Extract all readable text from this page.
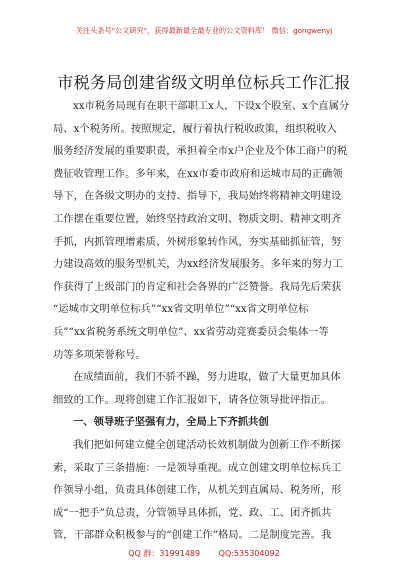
关注头条号"公文研究"，获得最新最全最专业的公文资料库！ 微信：gongwenyj
市税务局创建省级文明单位标兵工作汇报
xx市税务局现有在职干部职工x人，下设x个股室、x个直属分
局、x个税务所。按照规定，履行着执行税收政策，组织税收入
服务经济发展的重要职责，承担着全市x户企业及个体工商户的税
费征收管理工作。多年来，在xx市委市政府和运城市局的正确领
导下，在各级文明办的支持、指导下，我局始终将精神文明建设
工作摆在重要位置，始终坚持政治文明、物质文明、精神文明齐
手抓，内抓管理增素质、外树形象转作风，夯实基础抓征管，努
力建设高效的服务型机关，为xx经济发展服务。多年来的努力工
作获得了上级部门的肯定和社会各界的广泛赞誉。我局先后荣获
“运城市文明单位标兵”“xx省文明单位”“xx省文明单位标
兵”“xx省税务系统文明单位”、xx省劳动竞赛委员会集体一等
功等多项荣誉称号。
在成绩面前，我们不骄不躁，努力进取，做了大量更加具体
细致的工作。现将创建工作汇报如下，请各位领导批评指正。
一、领导班子坚强有力，全局上下齐抓共创
我们把如何建立健全创建活动长效机制做为创新工作不断探
索，采取了三条措施：一是领导重视。成立创建文明单位标兵工
作领导小组，负责具体创建工作，从机关到直属局、税务所，形
成“一把手”负总责，分管领导具体抓，党、政、工、团齐抓共
管，干部群众积极参与的“创建工作”格局。二是制度完善。我
QQ 群：31991489 QQ:535304092
